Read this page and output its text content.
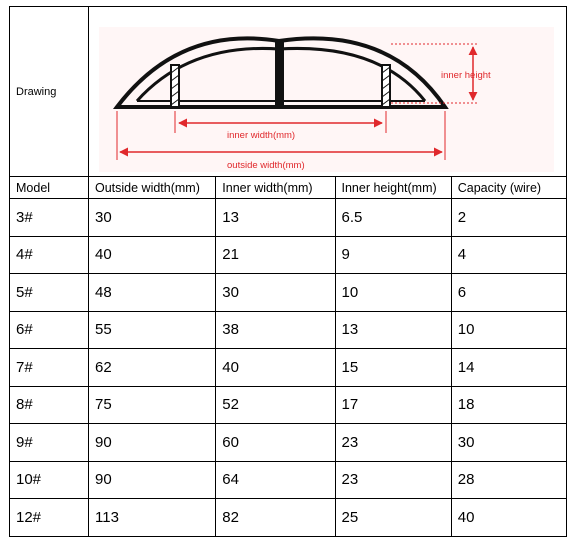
Drawing	inner height
inner width(mm)
outside width(mm)			

Model	Outside width(mm)	Inner width(mm)	Inner height(mm)	Capacity (wire)
3#	30	13	6.5	2
4#	40	21	9	4
5#	48	30	10	6
6#	55	38	13	10
7#	62	40	15	14
8#	75	52	17	18
9#	90	60	23	30
10#	90	64	23	28
12#	113	82	25	40
